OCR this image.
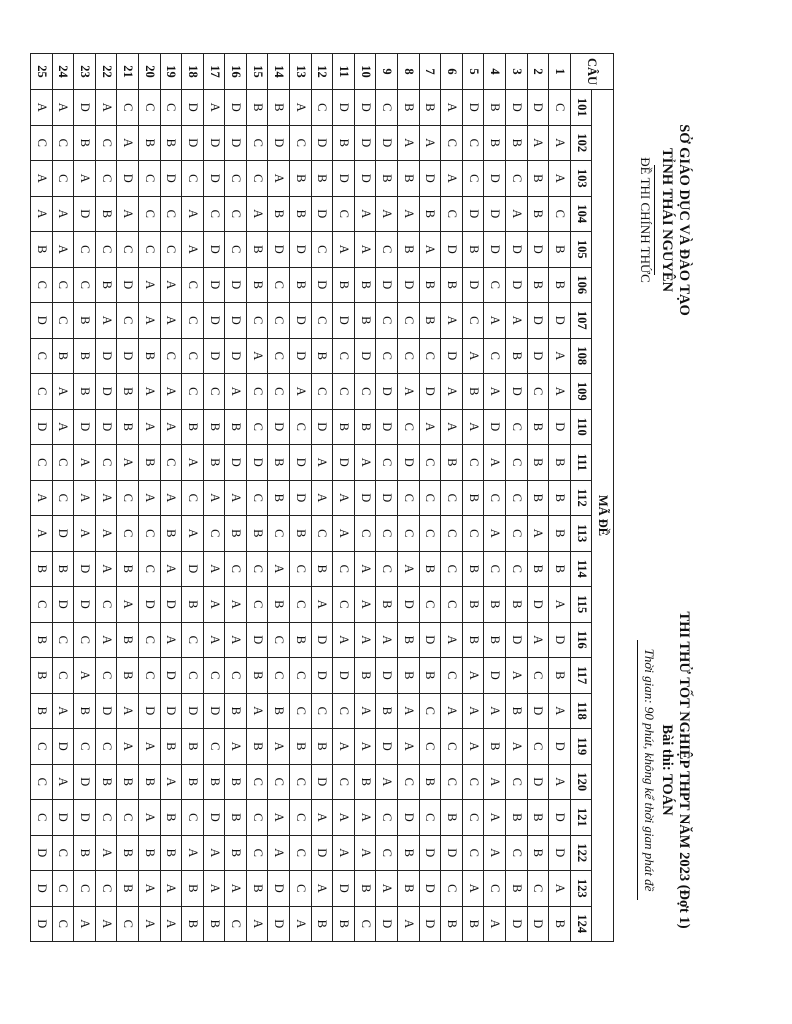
SỞ GIÁO DỤC VÀ ĐÀO TẠO
TỈNH THÁI NGUYÊN
ĐỀ THI CHÍNH THỨC
THI THỬ TỐT NGHIỆP THPT NĂM 2023 (Đợt 1)
Bài thi: TOÁN
Thời gian: 90 phút, không kể thời gian phát đề
CÂU	MÃ ĐỀ																							
	101	102	103	104	105	106	107	108	109	110	111	112	113	114	115	116	117	118	119	120	121	122	123	124
1	C	A	A	C	B	B	D	A	A	D	B	B	B	B	A	D	B	A	D	A	D	D	A	B
2	D	A	B	B	D	B	D	D	C	B	B	B	A	B	D	A	C	D	C	D	B	B	C	D
3	D	B	C	A	D	D	A	B	D	C	C	C	C	C	B	D	A	B	A	C	B	C	B	D
4	B	B	D	D	D	C	A	C	A	D	A	C	A	C	B	B	D	A	B	A	A	A	C	A
5	D	C	C	D	B	D	C	A	B	A	C	B	C	B	B	B	A	A	A	C	C	C	A	B
6	A	C	A	C	D	B	A	D	A	A	B	C	C	C	C	A	C	A	C	C	B	D	C	B
7	B	A	D	B	A	B	B	C	D	A	C	C	C	B	C	D	B	C	C	B	C	D	D	D
8	B	A	B	A	B	D	C	C	A	C	D	C	C	A	D	B	B	A	A	C	D	B	B	A
9	C	D	B	A	C	D	C	C	D	D	C	D	C	C	B	A	D	B	D	A	C	C	A	D
10	D	D	D	A	A	B	B	D	C	B	A	D	C	A	A	A	B	A	A	B	A	A	B	C
11	D	B	D	C	A	B	D	C	C	B	D	A	A	C	C	A	D	C	A	C	A	A	D	B
12	C	D	B	D	C	D	C	B	C	D	A	A	C	B	A	D	D	C	B	D	A	D	A	B
13	A	C	B	B	D	B	D	D	A	C	D	D	B	C	C	B	C	C	B	C	C	C	C	A
14	B	D	A	B	D	C	C	C	C	D	B	B	C	A	B	C	C	B	A	C	A	A	D	D
15	B	C	C	A	B	B	C	A	C	C	D	C	B	C	C	D	B	A	B	C	C	C	B	A
16	D	D	C	C	C	D	D	D	A	B	D	A	B	C	A	A	C	B	A	B	B	B	A	C
17	A	D	D	C	D	D	D	D	C	B	B	A	C	A	A	A	C	D	C	B	D	A	A	B
18	D	D	C	A	A	C	C	C	C	B	A	C	A	D	B	C	C	D	B	B	C	A	B	B
19	C	B	D	C	C	A	A	C	A	A	C	A	B	A	D	A	D	D	B	A	B	B	A	A
20	C	B	C	C	C	A	A	B	A	A	B	A	C	C	D	C	C	D	A	B	A	B	A	A
21	C	A	D	A	C	D	C	D	B	B	A	C	C	B	A	B	B	A	A	B	C	B	B	C
22	A	C	C	B	C	B	A	D	D	D	C	A	A	A	C	A	C	D	C	B	C	A	C	A
23	D	B	A	D	C	C	B	B	B	D	A	A	A	D	D	C	A	B	C	D	D	B	C	A
24	A	C	C	A	A	C	C	B	A	A	C	C	D	B	D	C	C	A	D	A	D	C	C	C
25	A	C	A	A	B	C	D	C	C	D	C	A	A	B	C	B	B	B	C	C	C	D	D	D
